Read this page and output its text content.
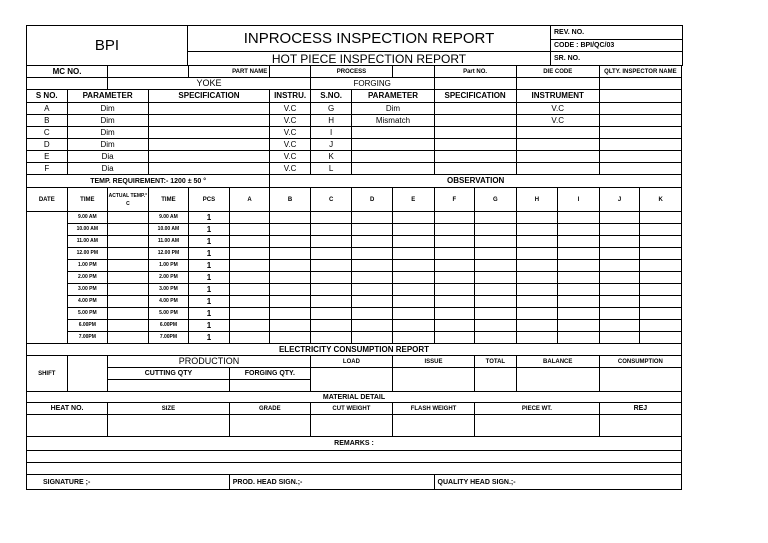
BPI	INPROCESS INSPECTION REPORT	REV. NO.
		CODE : BPI/QC/03
	HOT PIECE INSPECTION REPORT	SR. NO.
MC NO.				PART NAME			PROCESS			Part NO.		DIE CODE		QLTY. INSPECTOR NAME	
		YOKE					FORGING								
S NO.	PARAMETER		SPECIFICATION			INSTRU.	S.NO.	PARAMETER		SPECIFICATION		INSTRUMENT			
A	Dim					V.C	G	Dim				V.C			
B	Dim					V.C	H	Mismatch				V.C			
C	Dim					V.C	I								
D	Dim					V.C	J								
E	Dia					V.C	K								
F	Dia					V.C	L								
TEMP. REQUIREMENT:- 1200 ± 50 °						OBSERVATION									
DATE	TIME	ACTUAL TEMP.° C	TIME	PCS	A	B	C	D	E	F	G	H	I	J	K
	9.00 AM		9.00 AM	1											
	10.00 AM		10.00 AM	1											
	11.00 AM		11.00 AM	1											
	12.00 PM		12.00 PM	1											
	1.00 PM		1.00 PM	1											
	2.00 PM		2.00 PM	1											
	3.00 PM		3.00 PM	1											
	4.00 PM		4.00 PM	1											
	5.00 PM		5.00 PM	1											
	6.00PM		6.00PM	1											
	7.00PM		7.00PM	1											
ELECTRICITY CONSUMPTION REPORT															
SHIFT		PRODUCTION					LOAD		ISSUE		TOTAL	BALANCE		CONSUMPTION	
		CUTTING QTY			FORGING QTY.										

MATERIAL DETAIL															
HEAT NO.		SIZE			GRADE		CUT WEIGHT		FLASH WEIGHT		PIECE WT.			REJ	

REMARKS :															

SIGNATURE ;-					PROD. HEAD SIGN.;-					QUALITY HEAD SIGN.;-					
